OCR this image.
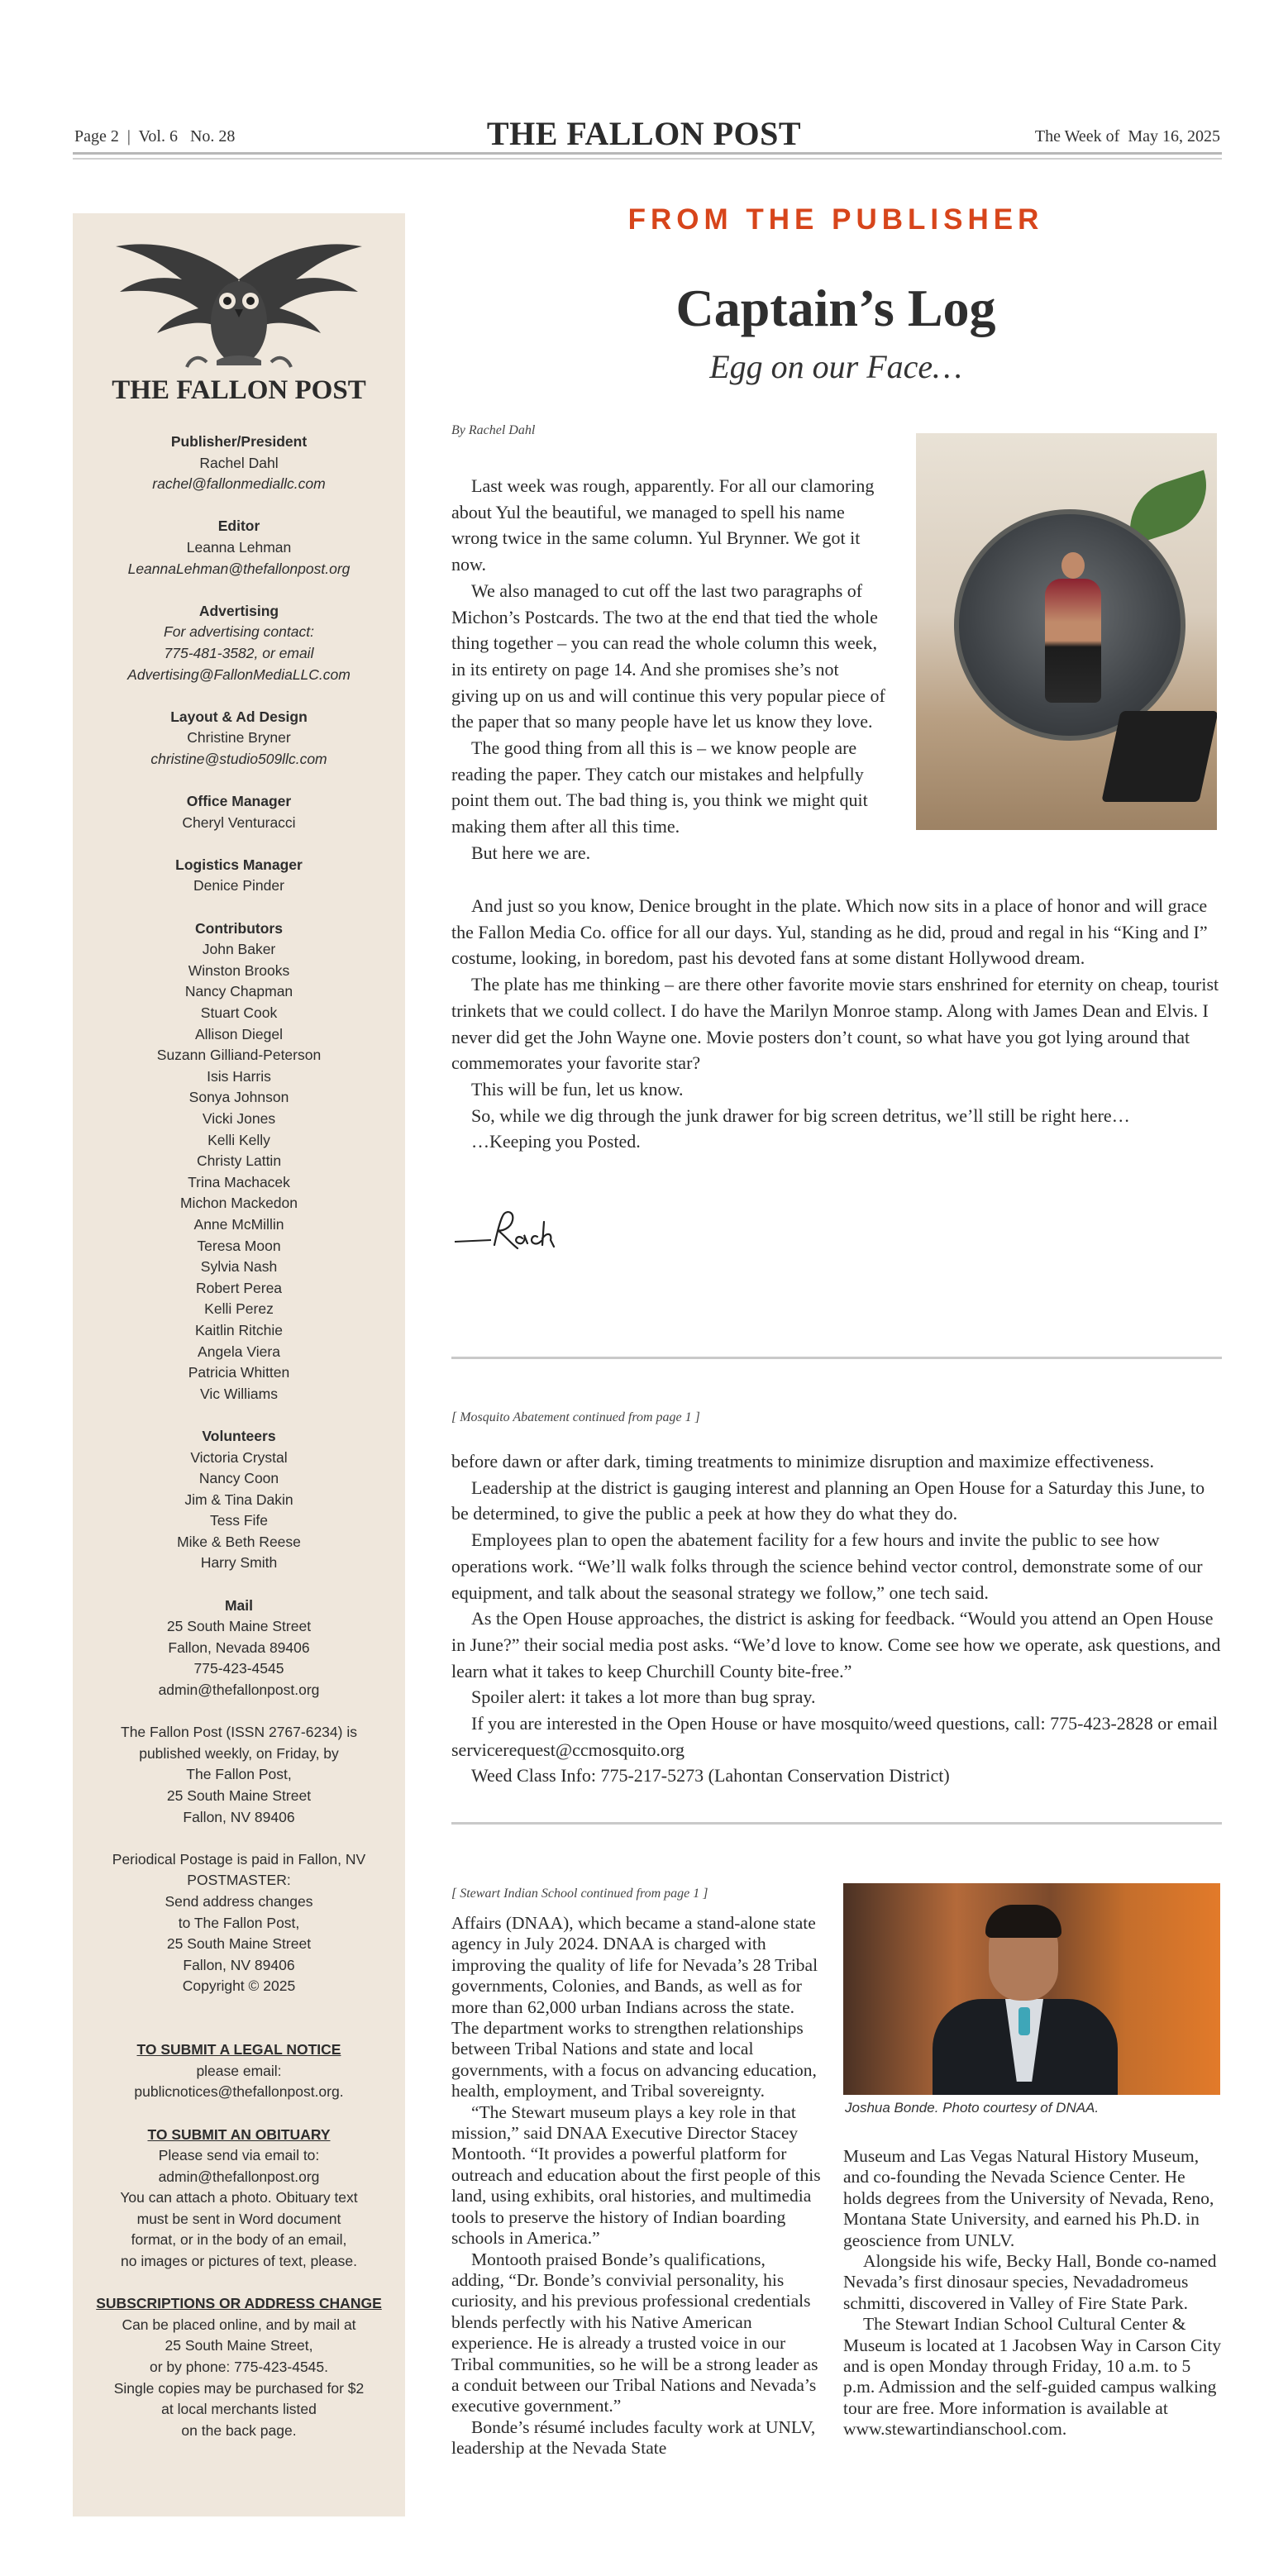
Page 2  |  Vol. 6   No. 28	THE FALLON POST	The Week of  May 16, 2025
THE FALLON POST
Publisher/President
Rachel Dahl
rachel@fallonmediallc.com
Editor
Leanna Lehman
LeannaLehman@thefallonpost.org
Advertising
For advertising contact:
775-481-3582, or email
Advertising@FallonMediaLLC.com
Layout & Ad Design
Christine Bryner
christine@studio509llc.com
Office Manager
Cheryl Venturacci
Logistics Manager
Denice Pinder
Contributors
John Baker
Winston Brooks
Nancy Chapman
Stuart Cook
Allison Diegel
Suzann Gilliand-Peterson
Isis Harris
Sonya Johnson
Vicki Jones
Kelli Kelly
Christy Lattin
Trina Machacek
Michon Mackedon
Anne McMillin
Teresa Moon
Sylvia Nash
Robert Perea
Kelli Perez
Kaitlin Ritchie
Angela Viera
Patricia Whitten
Vic Williams
Volunteers
Victoria Crystal
Nancy Coon
Jim & Tina Dakin
Tess Fife
Mike & Beth Reese
Harry Smith
Mail
25 South Maine Street
Fallon, Nevada 89406
775-423-4545
admin@thefallonpost.org
The Fallon Post (ISSN 2767-6234) is
published weekly, on Friday, by
The Fallon Post,
25 South Maine Street
Fallon, NV 89406
Periodical Postage is paid in Fallon, NV
POSTMASTER:
Send address changes
to The Fallon Post,
25 South Maine Street
Fallon, NV 89406
Copyright © 2025
TO SUBMIT A LEGAL NOTICE
please email:
publicnotices@thefallonpost.org.
TO SUBMIT AN OBITUARY
Please send via email to:
admin@thefallonpost.org
You can attach a photo. Obituary text
must be sent in Word document
format, or in the body of an email,
no images or pictures of text, please.
SUBSCRIPTIONS OR ADDRESS CHANGE
Can be placed online, and by mail at
25 South Maine Street,
or by phone: 775-423-4545.
Single copies may be purchased for $2
at local merchants listed
on the back page.
FROM THE PUBLISHER
Captain’s Log
Egg on our Face…
By Rachel Dahl

Last week was rough, apparently. For all our clamoring about Yul the beautiful, we managed to spell his name wrong twice in the same column. Yul Brynner. We got it now.

We also managed to cut off the last two paragraphs of Michon’s Postcards. The two at the end that tied the whole thing together – you can read the whole column this week, in its entirety on page 14. And she promises she’s not giving up on us and will continue this very popular piece of the paper that so many people have let us know they love.

The good thing from all this is – we know people are reading the paper. They catch our mistakes and helpfully point them out. The bad thing is, you think we might quit making them after all this time.

But here we are.

And just so you know, Denice brought in the plate. Which now sits in a place of honor and will grace the Fallon Media Co. office for all our days. Yul, standing as he did, proud and regal in his “King and I” costume, looking, in boredom, past his devoted fans at some distant Hollywood dream.

The plate has me thinking – are there other favorite movie stars enshrined for eternity on cheap, tourist trinkets that we could collect. I do have the Marilyn Monroe stamp. Along with James Dean and Elvis. I never did get the John Wayne one. Movie posters don’t count, so what have you got lying around that commemorates your favorite star?

This will be fun, let us know.

So, while we dig through the junk drawer for big screen detritus, we’ll still be right here…

…Keeping you Posted.

[ Mosquito Abatement continued from page 1 ]

before dawn or after dark, timing treatments to minimize disruption and maximize effectiveness.

Leadership at the district is gauging interest and planning an Open House for a Saturday this June, to be determined, to give the public a peek at how they do what they do.

Employees plan to open the abatement facility for a few hours and invite the public to see how operations work. “We’ll walk folks through the science behind vector control, demonstrate some of our equipment, and talk about the seasonal strategy we follow,” one tech said.

As the Open House approaches, the district is asking for feedback. “Would you attend an Open House in June?” their social media post asks. “We’d love to know. Come see how we operate, ask questions, and learn what it takes to keep Churchill County bite-free.”

Spoiler alert: it takes a lot more than bug spray.

If you are interested in the Open House or have mosquito/weed questions, call: 775-423-2828 or email servicerequest@ccmosquito.org

Weed Class Info: 775-217-5273 (Lahontan Conservation District)

[ Stewart Indian School continued from page 1 ]

Affairs (DNAA), which became a stand-alone state agency in July 2024. DNAA is charged with improving the quality of life for Nevada’s 28 Tribal governments, Colonies, and Bands, as well as for more than 62,000 urban Indians across the state. The department works to strengthen relationships between Tribal Nations and state and local governments, with a focus on advancing education, health, employment, and Tribal sovereignty.

“The Stewart museum plays a key role in that mission,” said DNAA Executive Director Stacey Montooth. “It provides a powerful platform for outreach and education about the first people of this land, using exhibits, oral histories, and multimedia tools to preserve the history of Indian boarding schools in America.”

Montooth praised Bonde’s qualifications, adding, “Dr. Bonde’s convivial personality, his curiosity, and his previous professional credentials blends perfectly with his Native American experience. He is already a trusted voice in our Tribal communities, so he will be a strong leader as a conduit between our Tribal Nations and Nevada’s executive government.”

Bonde’s résumé includes faculty work at UNLV, leadership at the Nevada State

Joshua Bonde. Photo courtesy of DNAA.

Museum and Las Vegas Natural History Museum, and co-founding the Nevada Science Center. He holds degrees from the University of Nevada, Reno, Montana State University, and earned his Ph.D. in geoscience from UNLV.

Alongside his wife, Becky Hall, Bonde co-named Nevada’s first dinosaur species, Nevadadromeus schmitti, discovered in Valley of Fire State Park.

The Stewart Indian School Cultural Center & Museum is located at 1 Jacobsen Way in Carson City and is open Monday through Friday, 10 a.m. to 5 p.m. Admission and the self-guided campus walking tour are free. More information is available at www.stewartindianschool.com.
